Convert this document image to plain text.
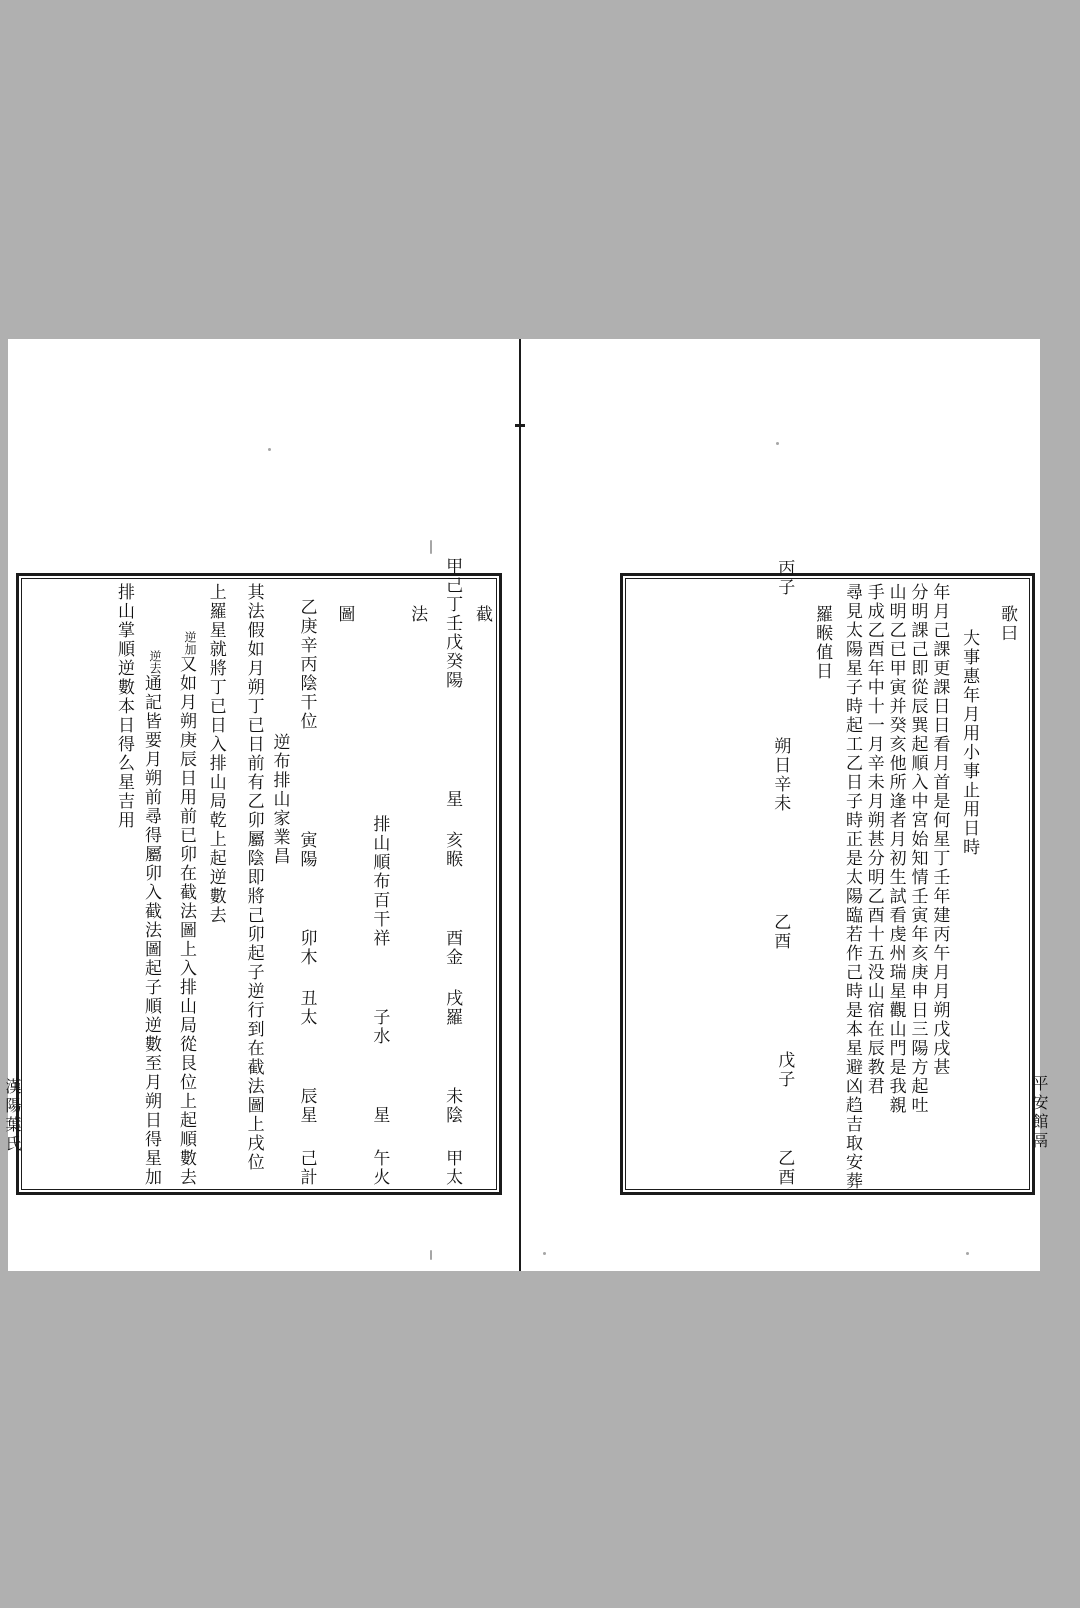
截
甲太
未陰
酉金 戌羅
星 亥睺
甲己丁壬戊癸陽
法
午火
星
子水
排山順布百干祥
圖
己計
辰星
卯木 丑太
寅陽
乙庚辛丙陰干位
逆布排山家業昌
其法假如月朔丁已日前有乙卯屬陰即將己卯起子逆行到在截法圖上戌位
上羅星就將丁已日入排山局乾上起逆數去
又如月朔庚辰日用前已卯在截法圖上入排山局從艮位上起順數去
逆加
通記皆要月朔前尋得屬卯入截法圖起子順逆數至月朔日得星加
逆去
排山掌順逆數本日得么星吉用	歌曰
大事惠年月用小事止用日時
年月己課更課日日看月首是何星丁壬年建丙午月月朔戊戌甚
分明課己即從辰巽起順入中宮始知情壬寅年亥庚申日三陽方起吐
山明乙已甲寅并癸亥他所逢者月初生試看虔州瑞星觀山門是我親
手成乙酉年中十一月辛未月朔甚分明乙酉十五没山宿在辰教君
尋見太陽星子時起工乙日子時正是太陽臨若作己時是本星避凶趋吉取安葬
羅睺值日
乙酉
戊子
乙酉
朔日辛未
丙子
漢陽葉氏	平安館鬲
